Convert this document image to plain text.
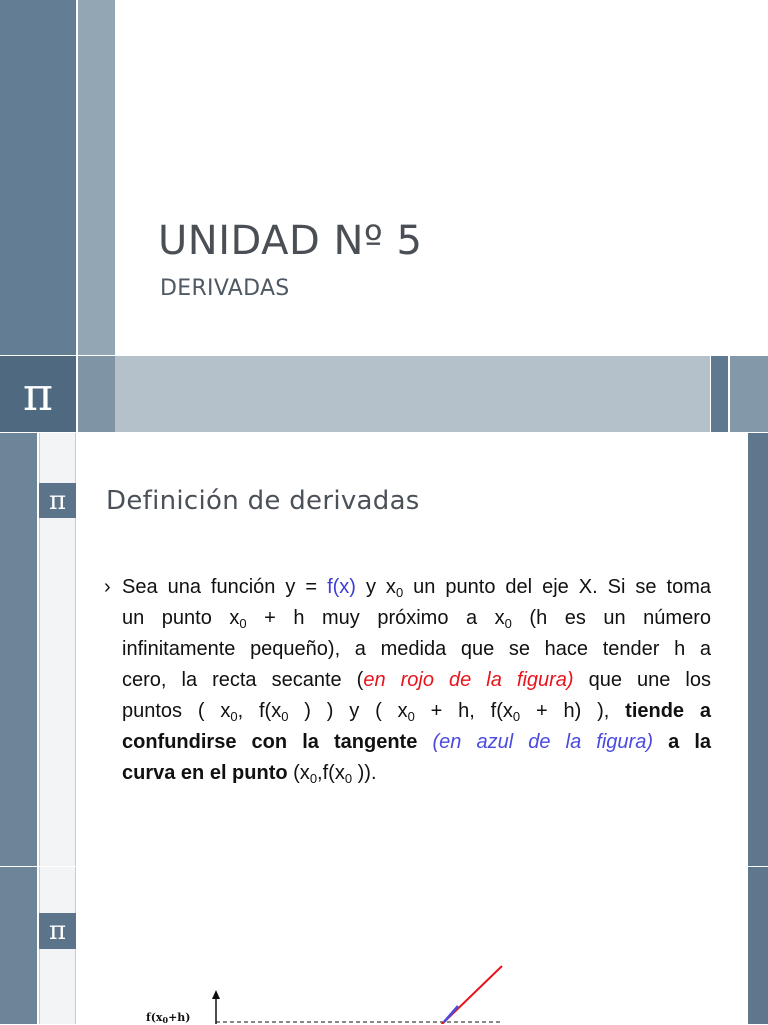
UNIDAD Nº 5
DERIVADAS
π
π	Definición de derivadas
› Sea una función y = f(x) y $x_0$ un punto del eje X. Si se toma
un punto $x_0 + h$ muy próximo a $x_0$ (h es un número
infinitamente pequeño), a medida que se hace tender h a
cero, la recta secante (en rojo de la figura) que une los
puntos ( $x_0$, $f(x_0$ ) ) y ( $x_0 + h$, $f(x_0 + h)$ ), tiende a
confundirse con la tangente (en azul de la figura) a la
curva en el punto ($x_0,f(x_0$ )).
π
$f(x_0+h)$
